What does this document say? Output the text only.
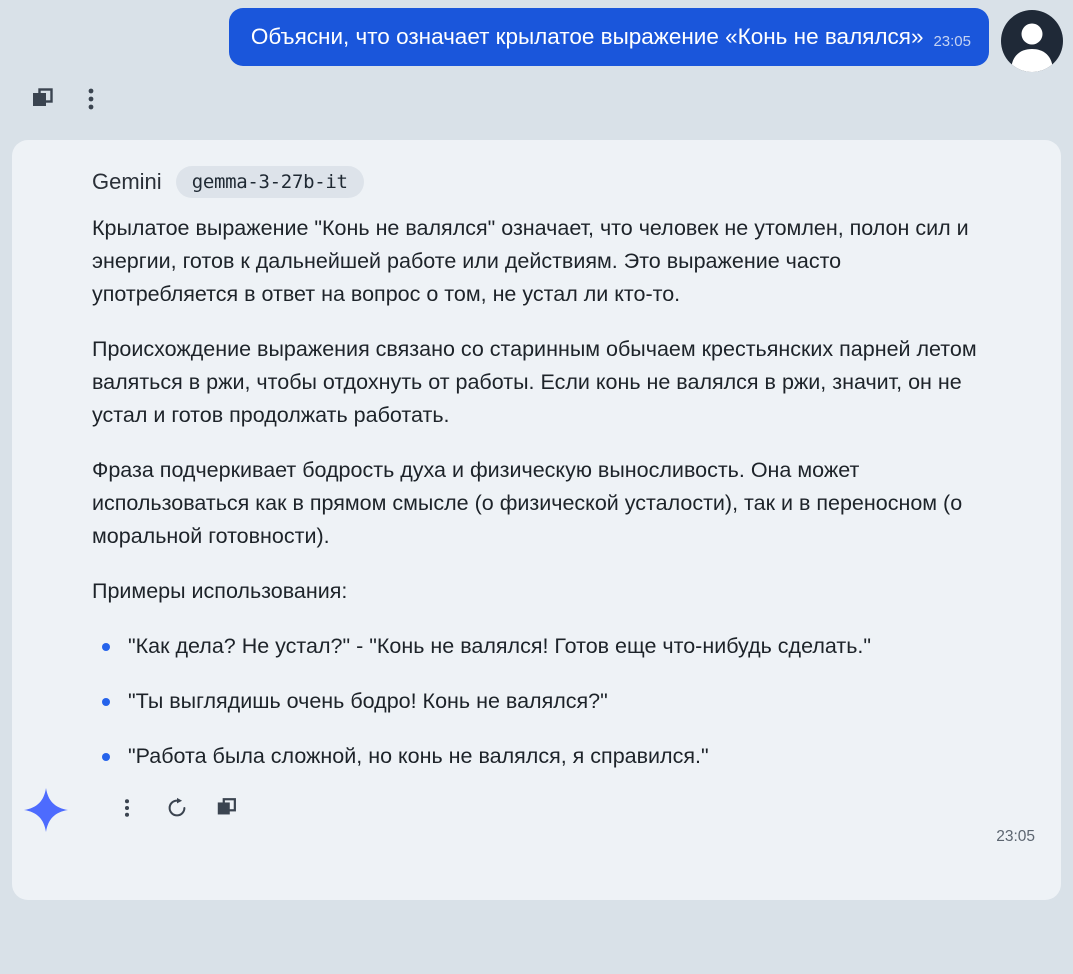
Объясни, что означает крылатое выражение «Конь не валялся» 23:05
Gemini	gemma-3-27b-it

Крылатое выражение "Конь не валялся" означает, что человек не утомлен, полон сил и энергии, готов к дальнейшей работе или действиям. Это выражение часто употребляется в ответ на вопрос о том, не устал ли кто-то.

Происхождение выражения связано со старинным обычаем крестьянских парней летом валяться в ржи, чтобы отдохнуть от работы. Если конь не валялся в ржи, значит, он не устал и готов продолжать работать.

Фраза подчеркивает бодрость духа и физическую выносливость. Она может использоваться как в прямом смысле (о физической усталости), так и в переносном (о моральной готовности).

Примеры использования:

"Как дела? Не устал?" - "Конь не валялся! Готов еще что-нибудь сделать."
"Ты выглядишь очень бодро! Конь не валялся?"
"Работа была сложной, но конь не валялся, я справился."
23:05
